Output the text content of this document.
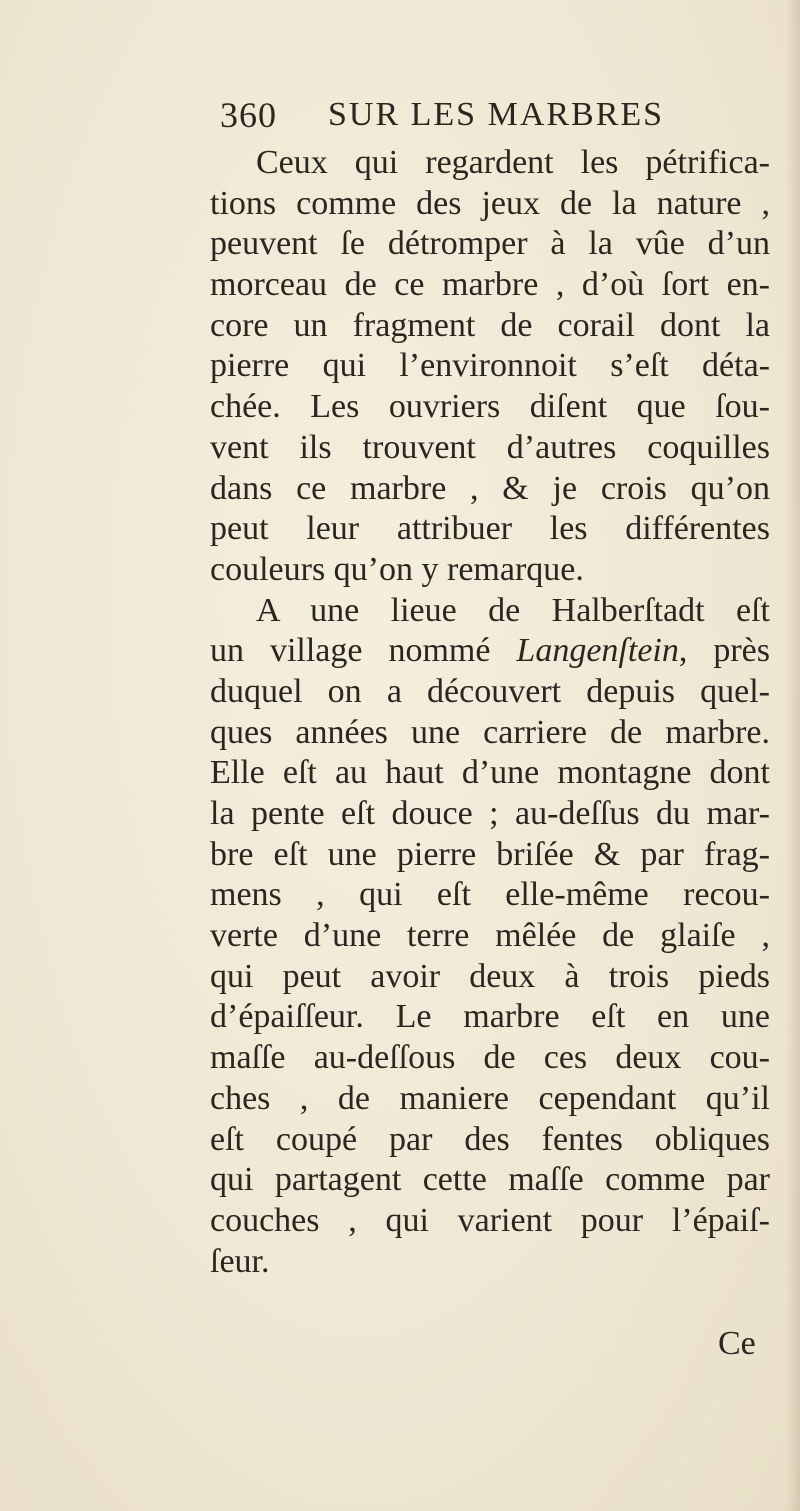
360 SUR LES MARBRES
Ceux qui regardent les pétrifica-
tions comme des jeux de la nature ,
peuvent ſe détromper à la vûe d’un
morceau de ce marbre , d’où ſort en-
core un fragment de corail dont la
pierre qui l’environnoit s’eſt déta-
chée. Les ouvriers diſent que ſou-
vent ils trouvent d’autres coquilles
dans ce marbre , & je crois qu’on
peut leur attribuer les différentes
couleurs qu’on y remarque.
A une lieue de Halberſtadt eſt
un village nommé Langenſtein, près
duquel on a découvert depuis quel-
ques années une carriere de marbre.
Elle eſt au haut d’une montagne dont
la pente eſt douce ; au-deſſus du mar-
bre eſt une pierre briſée & par frag-
mens , qui eſt elle-même recou-
verte d’une terre mêlée de glaiſe ,
qui peut avoir deux à trois pieds
d’épaiſſeur. Le marbre eſt en une
maſſe au-deſſous de ces deux cou-
ches , de maniere cependant qu’il
eſt coupé par des fentes obliques
qui partagent cette maſſe comme par
couches , qui varient pour l’épaiſ-
ſeur.
Ce
